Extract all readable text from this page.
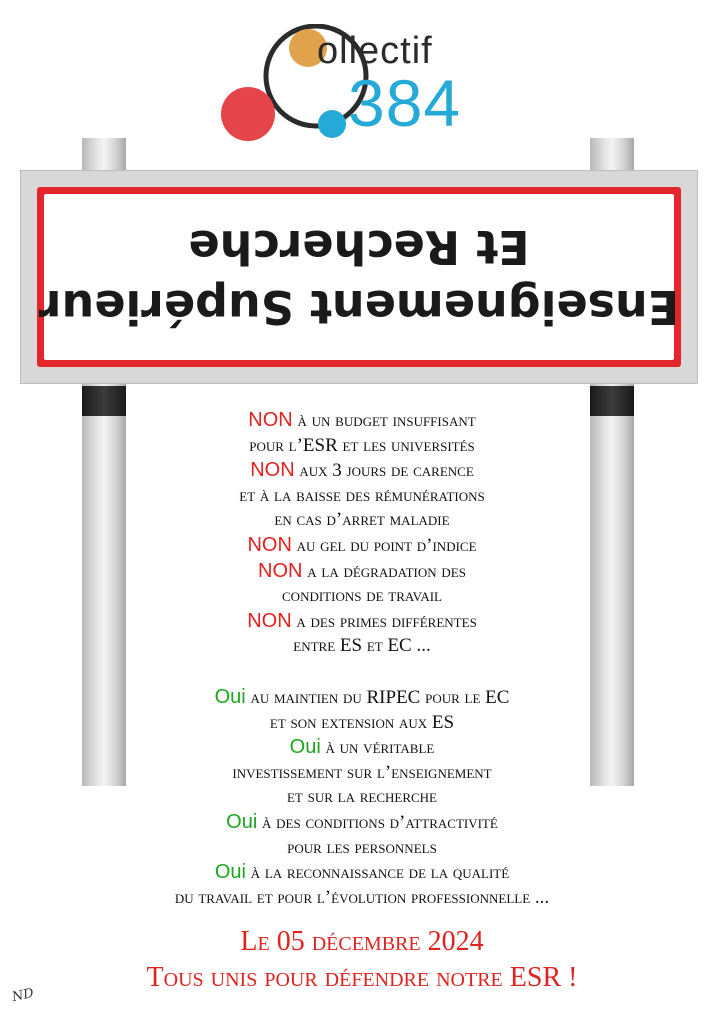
ollectif
384
Enseignement Supérieur
Et Recherche
NON à un budget insuffisant
pour l’ESR et les universités
NON aux 3 jours de carence
et à la baisse des rémunérations
en cas d’arret maladie
NON au gel du point d’indice
NON a la dégradation des
conditions de travail
NON a des primes différentes
entre ES et EC ...
Oui au maintien du RIPEC pour le EC
et son extension aux ES
Oui à un véritable
investissement sur l’enseignement
et sur la recherche
Oui à des conditions d’attractivité
pour les personnels
Oui à la reconnaissance de la qualité
du travail et pour l’évolution professionnelle ...
Le 05 décembre 2024
Tous unis pour défendre notre ESR !
ND
